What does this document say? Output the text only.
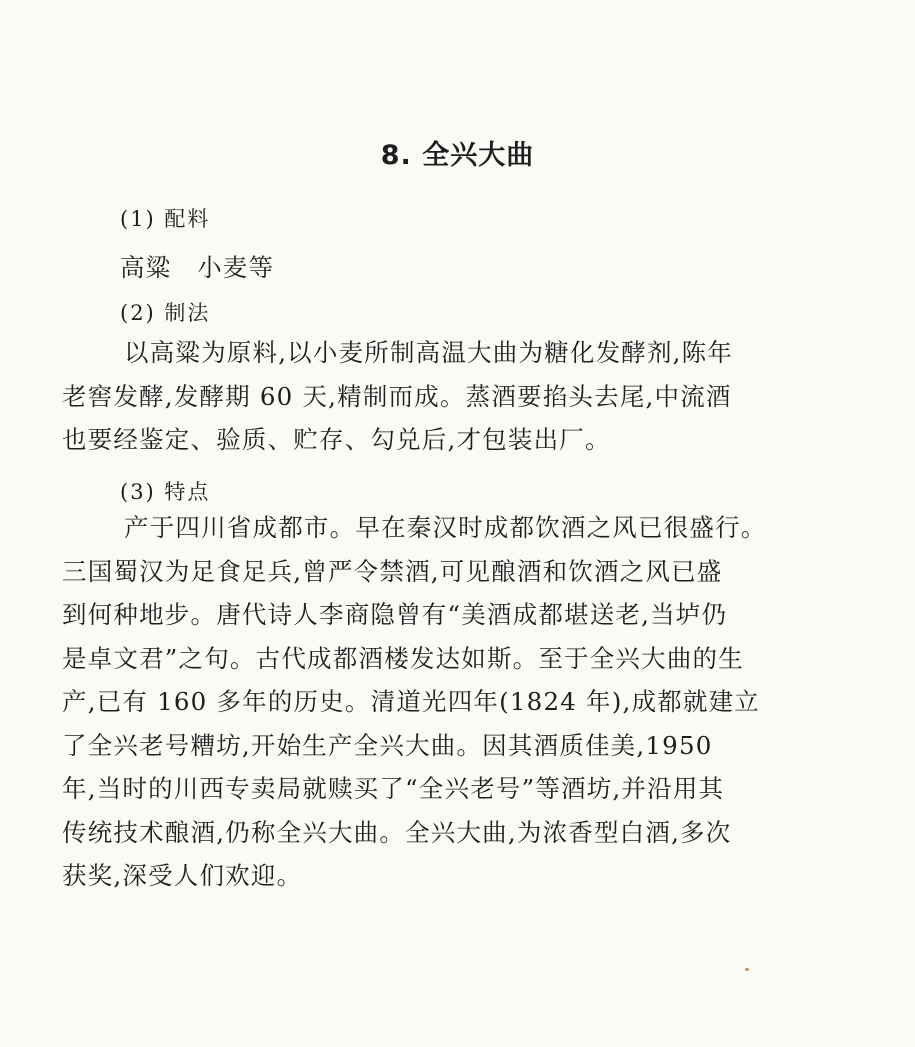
8. 全兴大曲

(1) 配料

高粱　小麦等

(2) 制法

以高粱为原料,以小麦所制高温大曲为糖化发酵剂,陈年
老窖发酵,发酵期 60 天,精制而成。蒸酒要掐头去尾,中流酒
也要经鉴定、验质、贮存、勾兑后,才包装出厂。

(3) 特点

产于四川省成都市。早在秦汉时成都饮酒之风已很盛行。
三国蜀汉为足食足兵,曾严令禁酒,可见酿酒和饮酒之风已盛
到何种地步。唐代诗人李商隐曾有“美酒成都堪送老,当垆仍
是卓文君”之句。古代成都酒楼发达如斯。至于全兴大曲的生
产,已有 160 多年的历史。清道光四年(1824 年),成都就建立
了全兴老号糟坊,开始生产全兴大曲。因其酒质佳美,1950
年,当时的川西专卖局就赎买了“全兴老号”等酒坊,并沿用其
传统技术酿酒,仍称全兴大曲。全兴大曲,为浓香型白酒,多次
获奖,深受人们欢迎。
